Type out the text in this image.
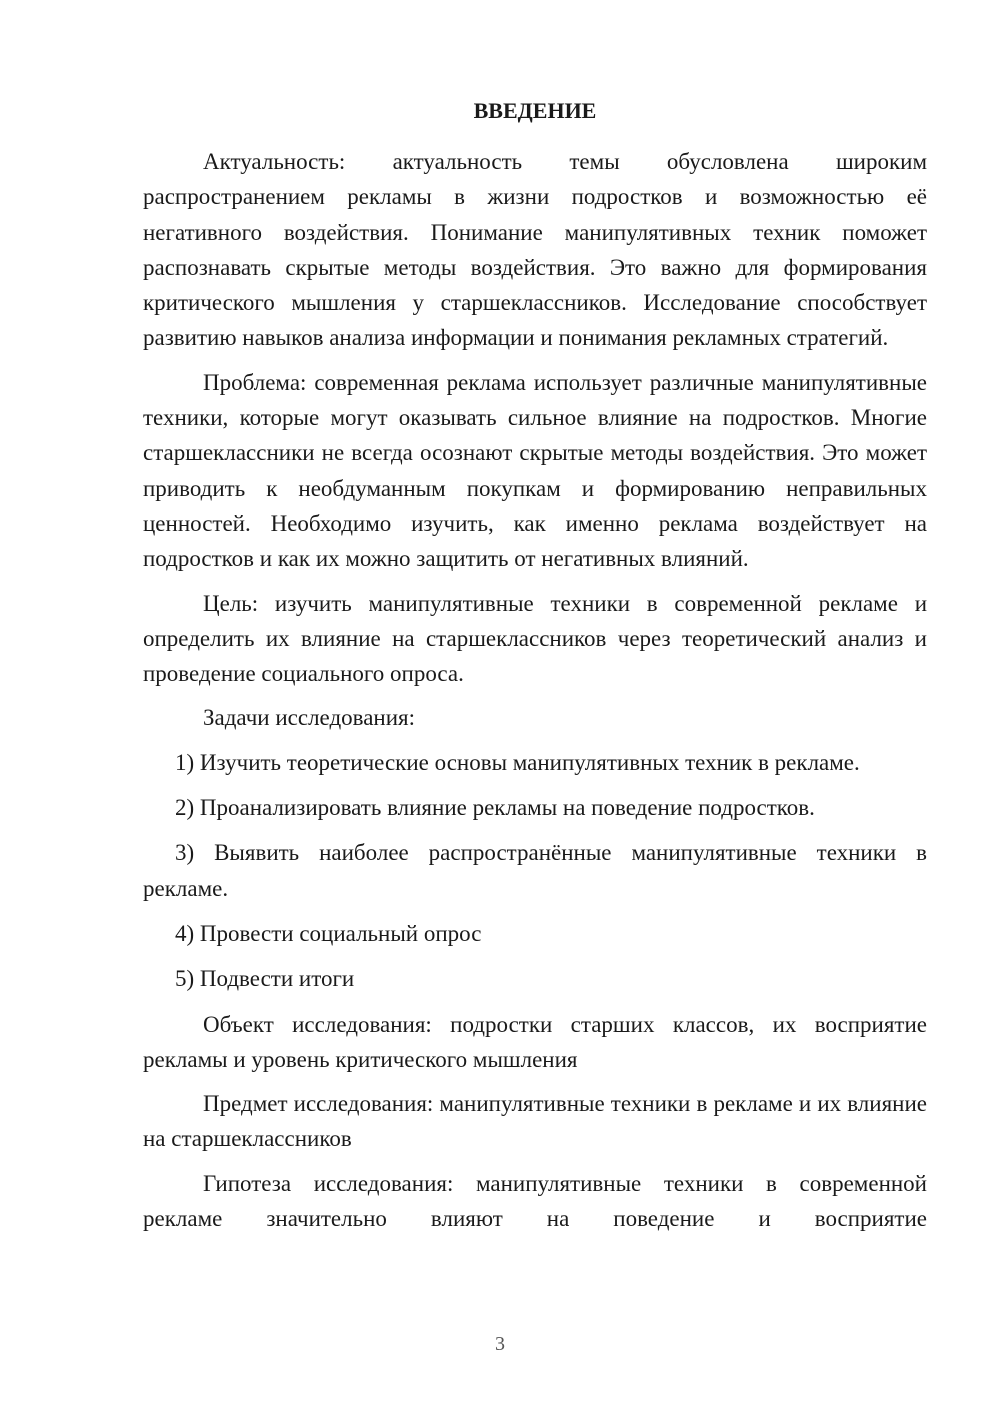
ВВЕДЕНИЕ

Актуальность: актуальность темы обусловлена широким распространением рекламы в жизни подростков и возможностью её негативного воздействия. Понимание манипулятивных техник поможет распознавать скрытые методы воздействия. Это важно для формирования критического мышления у старшеклассников. Исследование способствует развитию навыков анализа информации и понимания рекламных стратегий.

Проблема: современная реклама использует различные манипулятивные техники, которые могут оказывать сильное влияние на подростков. Многие старшеклассники не всегда осознают скрытые методы воздействия. Это может приводить к необдуманным покупкам и формированию неправильных ценностей. Необходимо изучить, как именно реклама воздействует на подростков и как их можно защитить от негативных влияний.

Цель: изучить манипулятивные техники в современной рекламе и определить их влияние на старшеклассников через теоретический анализ и проведение социального опроса.

Задачи исследования:

1) Изучить теоретические основы манипулятивных техник в рекламе.

2) Проанализировать влияние рекламы на поведение подростков.

3) Выявить наиболее распространённые манипулятивные техники в рекламе.

4) Провести социальный опрос

5) Подвести итоги

Объект исследования: подростки старших классов, их восприятие рекламы и уровень критического мышления

Предмет исследования: манипулятивные техники в рекламе и их влияние на старшеклассников

Гипотеза исследования: манипулятивные техники в современной рекламе значительно влияют на поведение и восприятие

3
